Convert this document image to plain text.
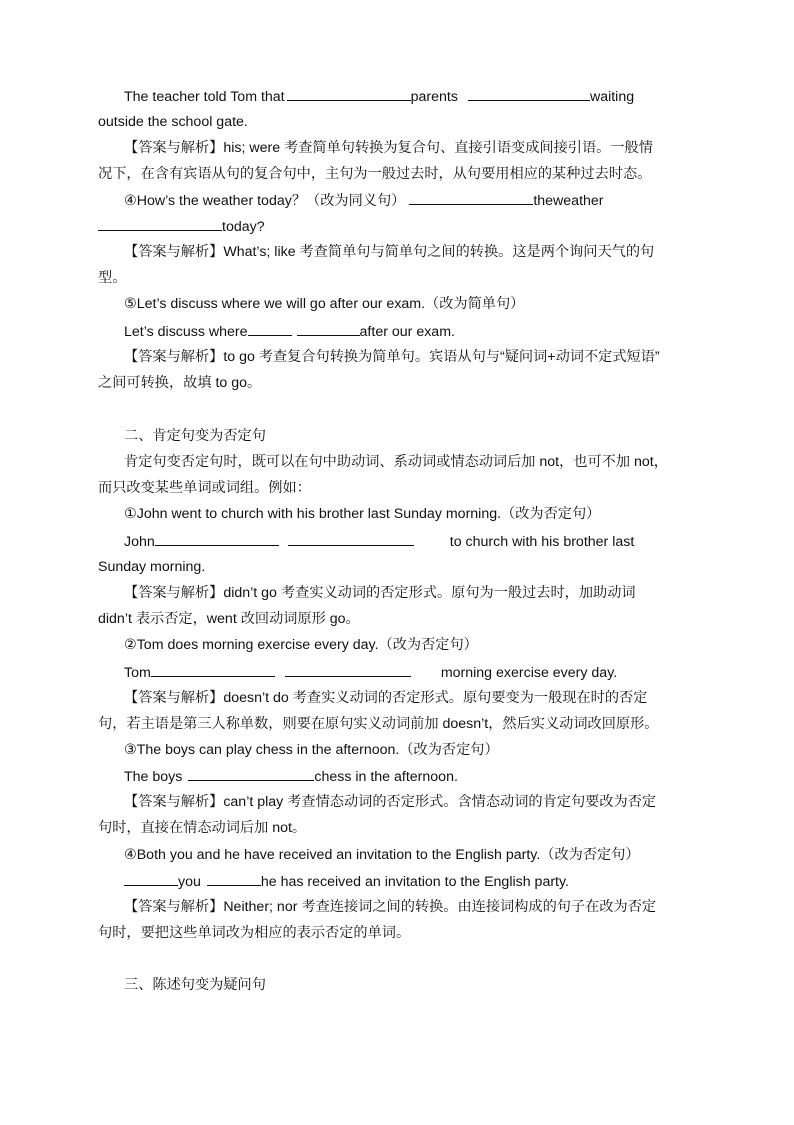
The teacher told Tom that	parents	waiting
outside the school gate.
【答案与解析】his; were 考查简单句转换为复合句、直接引语变成间接引语。一般情
况下，在含有宾语从句的复合句中，主句为一般过去时，从句要用相应的某种过去时态。
④How’s the weather today？（改为同义句）	theweather
today?
【答案与解析】What’s; like 考查简单句与简单句之间的转换。这是两个询问天气的句
型。
⑤Let’s discuss where we will go after our exam.（改为简单句）
Let’s discuss where	after our exam.
【答案与解析】to go 考查复合句转换为简单句。宾语从句与“疑问词+动词不定式短语”
之间可转换，故填 to go。
二、肯定句变为否定句
肯定句变否定句时，既可以在句中助动词、系动词或情态动词后加 not，也可不加 not，
而只改变某些单词或词组。例如：
①John went to church with his brother last Sunday morning.（改为否定句）
John	to church with his brother last
Sunday morning.
【答案与解析】didn’t go 考查实义动词的否定形式。原句为一般过去时，加助动词
didn’t 表示否定，went 改回动词原形 go。
②Tom does morning exercise every day.（改为否定句）
Tom	morning exercise every day.
【答案与解析】doesn’t do 考查实义动词的否定形式。原句要变为一般现在时的否定
句，若主语是第三人称单数，则要在原句实义动词前加 doesn’t，然后实义动词改回原形。
③The boys can play chess in the afternoon.（改为否定句）
The boys	chess in the afternoon.
【答案与解析】can’t play 考查情态动词的否定形式。含情态动词的肯定句要改为否定
句时，直接在情态动词后加 not。
④Both you and he have received an invitation to the English party.（改为否定句）
you	he has received an invitation to the English party.
【答案与解析】Neither; nor 考查连接词之间的转换。由连接词构成的句子在改为否定
句时，要把这些单词改为相应的表示否定的单词。
三、陈述句变为疑问句
